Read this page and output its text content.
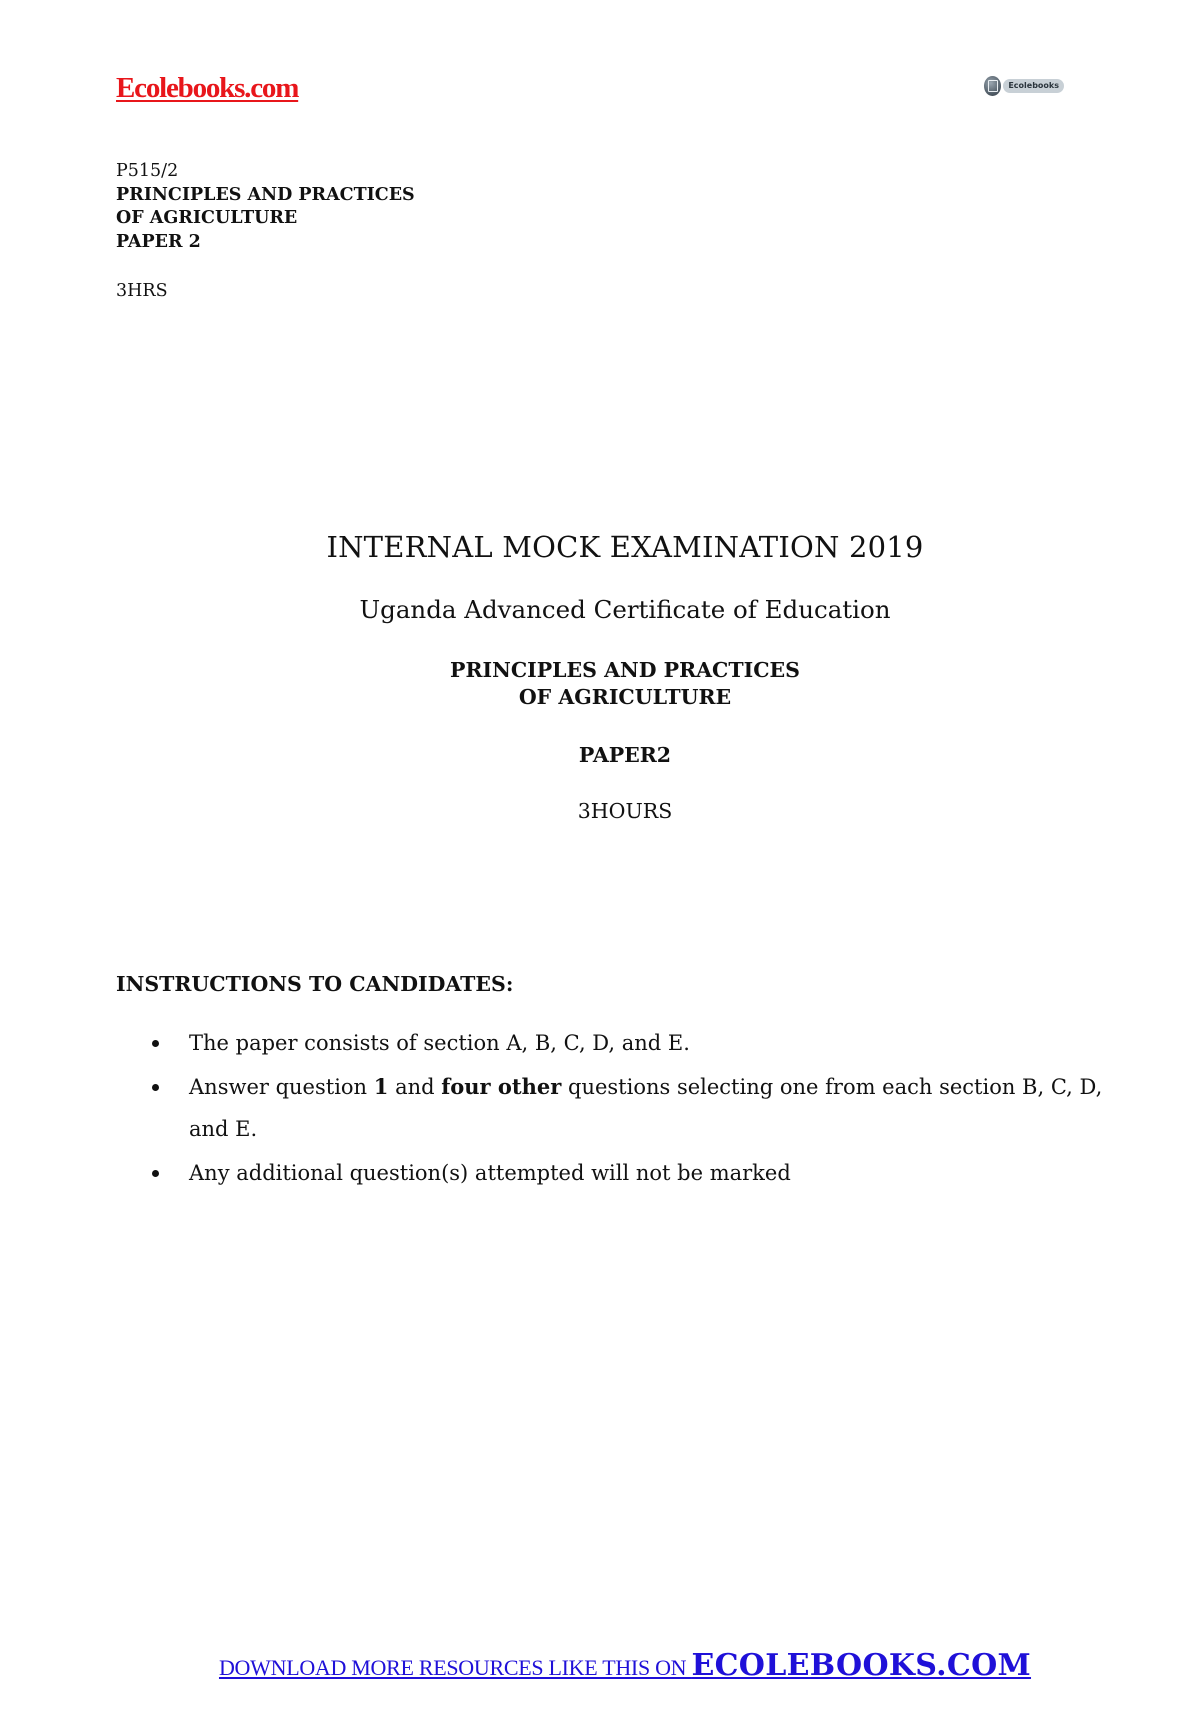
Ecolebooks.com	Ecolebooks
P515/2
PRINCIPLES AND PRACTICES
OF AGRICULTURE
PAPER 2
3HRS
INTERNAL MOCK EXAMINATION 2019
Uganda Advanced Certificate of Education
PRINCIPLES AND PRACTICES
OF AGRICULTURE
PAPER2
3HOURS
INSTRUCTIONS TO CANDIDATES:
The paper consists of section A, B, C, D, and E.
Answer question 1 and four other questions selecting one from each section B, C, D, and E.
Any additional question(s) attempted will not be marked
DOWNLOAD MORE RESOURCES LIKE THIS ON ECOLEBOOKS.COM
